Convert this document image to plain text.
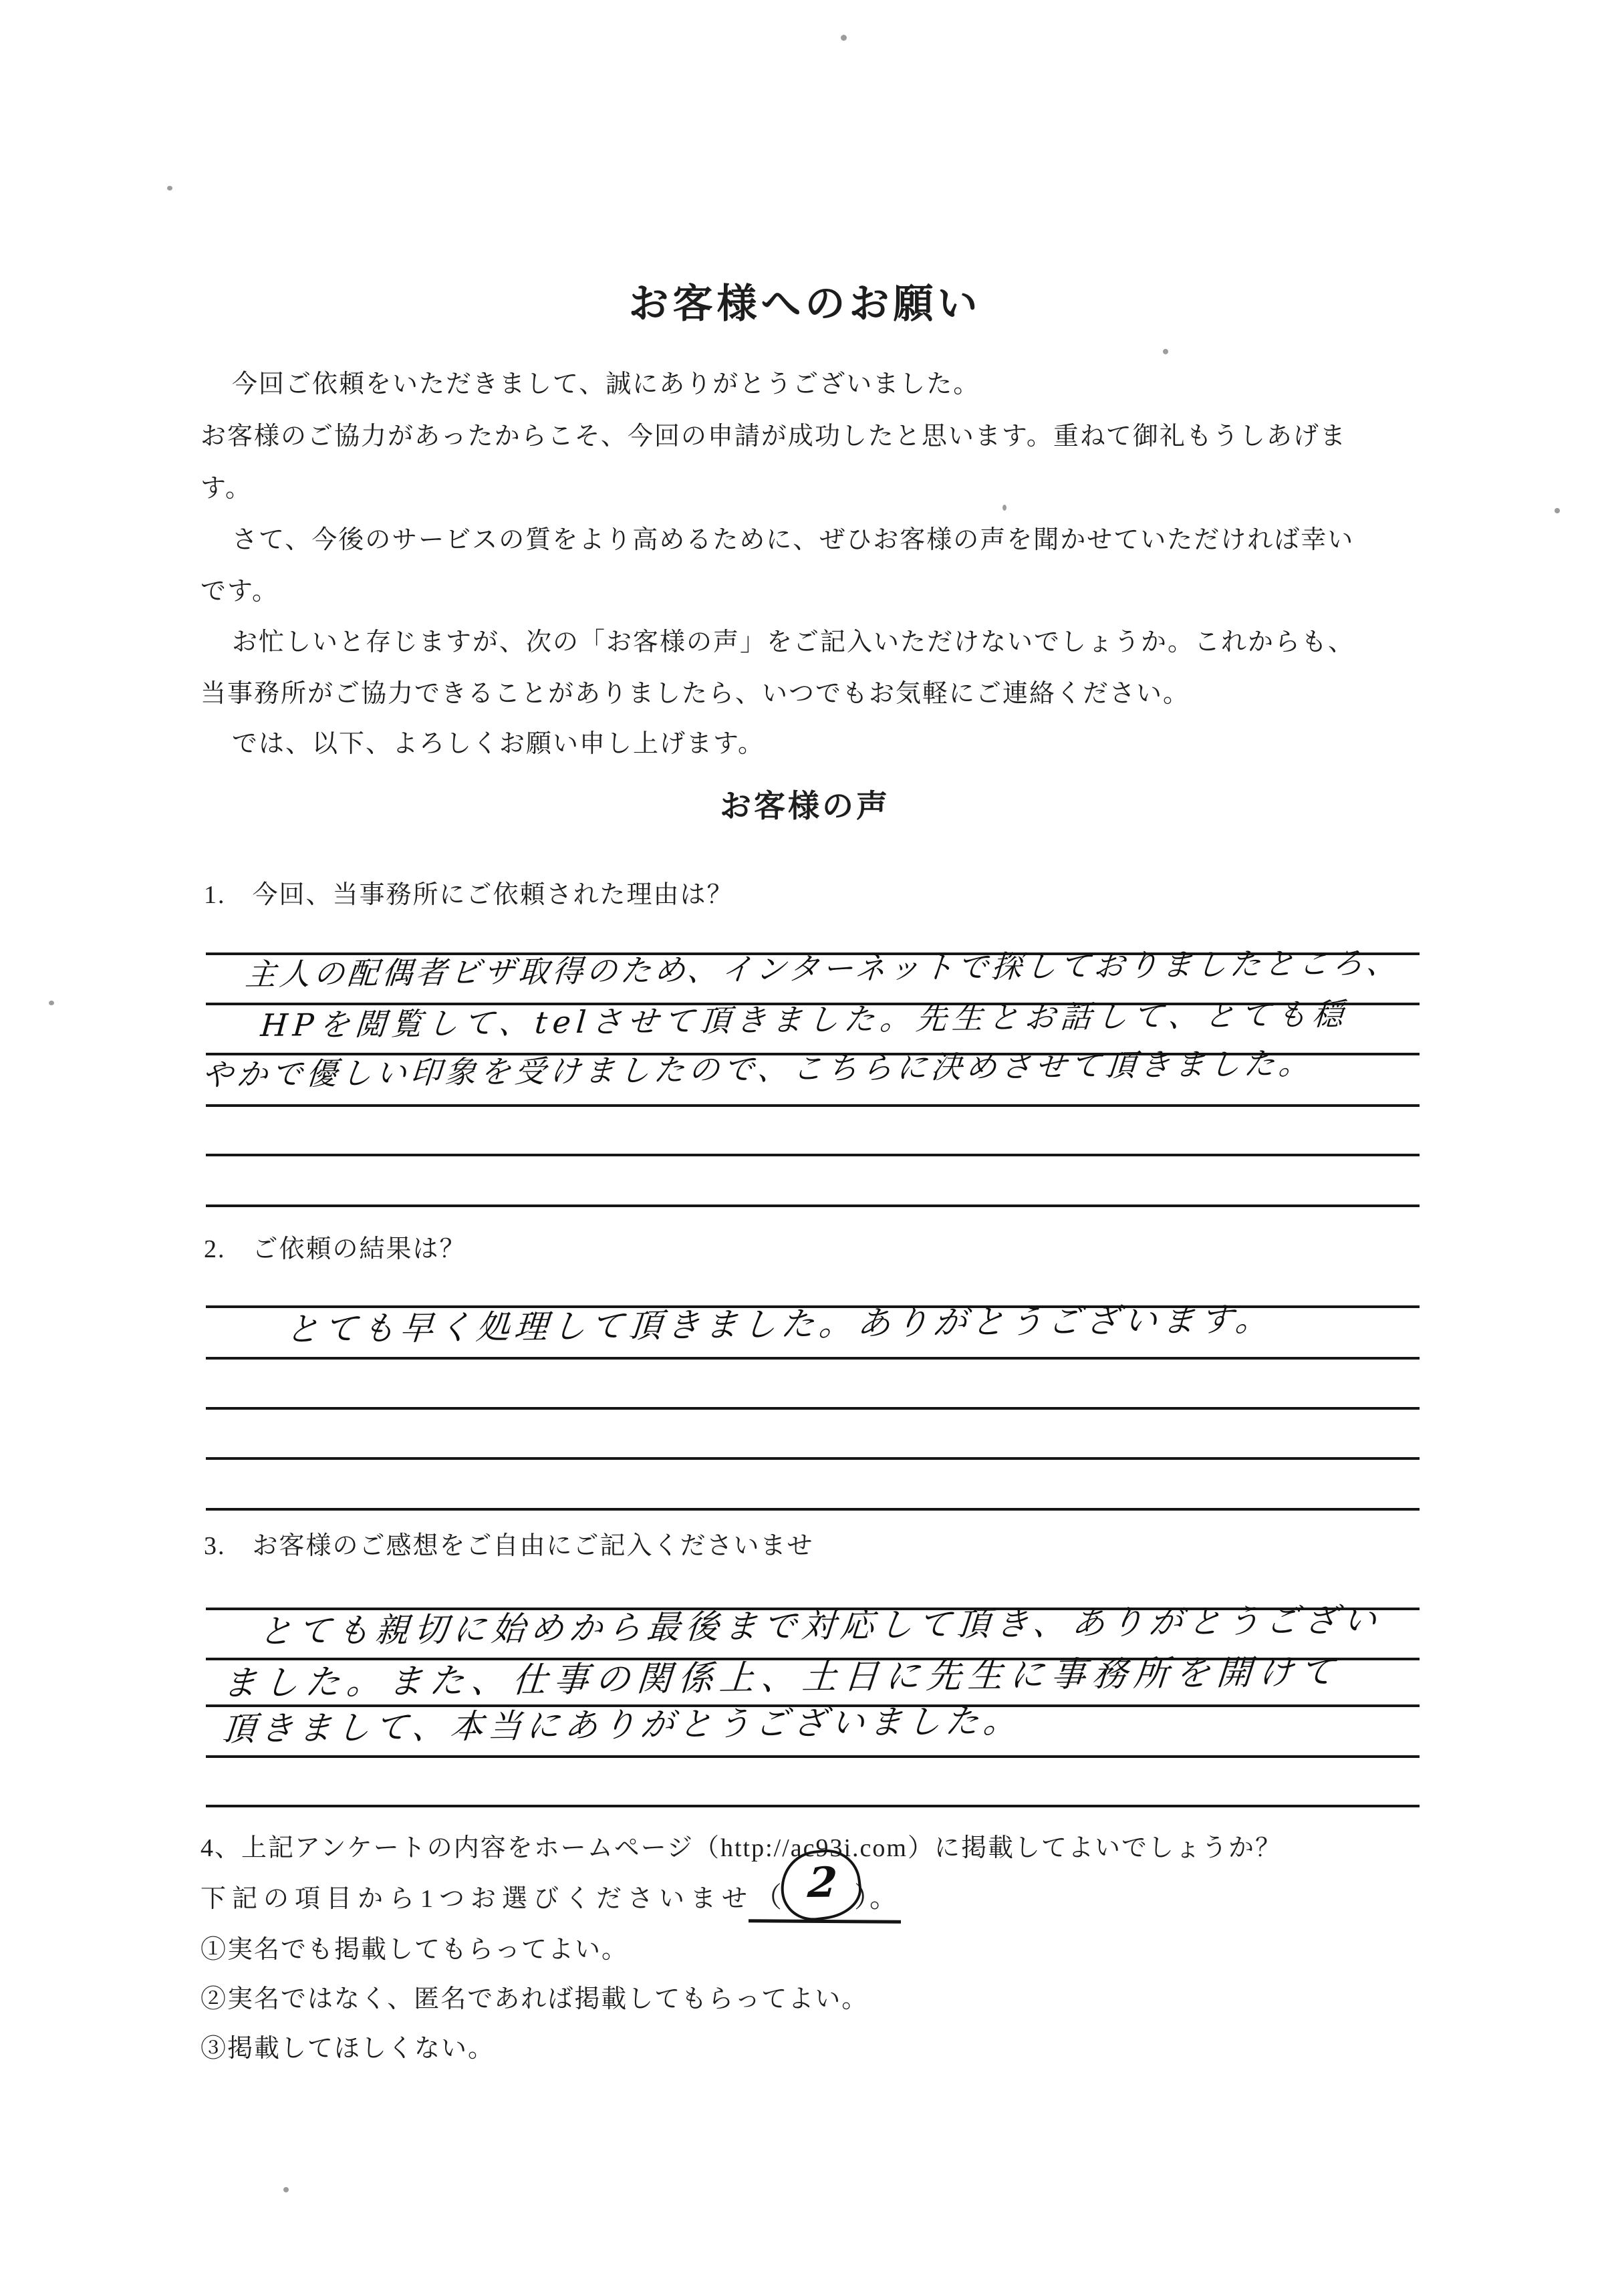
お客様へのお願い
今回ご依頼をいただきまして、誠にありがとうございました。
お客様のご協力があったからこそ、今回の申請が成功したと思います。重ねて御礼もうしあげま
す。
さて、今後のサービスの質をより高めるために、ぜひお客様の声を聞かせていただければ幸い
です。
お忙しいと存じますが、次の「お客様の声」をご記入いただけないでしょうか。これからも、
当事務所がご協力できることがありましたら、いつでもお気軽にご連絡ください。
では、以下、よろしくお願い申し上げます。
お客様の声
1.　今回、当事務所にご依頼された理由は？
主人の配偶者ビザ取得のため、インターネットで探しておりましたところ、
HPを閲覧して、telさせて頂きました。先生とお話して、とても穏
やかで優しい印象を受けましたので、こちらに決めさせて頂きました。
2.　ご依頼の結果は？
とても早く処理して頂きました。ありがとうございます。
3.　お客様のご感想をご自由にご記入くださいませ
とても親切に始めから最後まで対応して頂き、ありがとうござい
ました。また、仕事の関係上、土日に先生に事務所を開けて
頂きまして、本当にありがとうございました。
4、上記アンケートの内容をホームページ（http://ac93i.com）に掲載してよいでしょうか？
下記の項目から1つお選びくださいませ （ 2 ）。
①実名でも掲載してもらってよい。
②実名ではなく、匿名であれば掲載してもらってよい。
③掲載してほしくない。
